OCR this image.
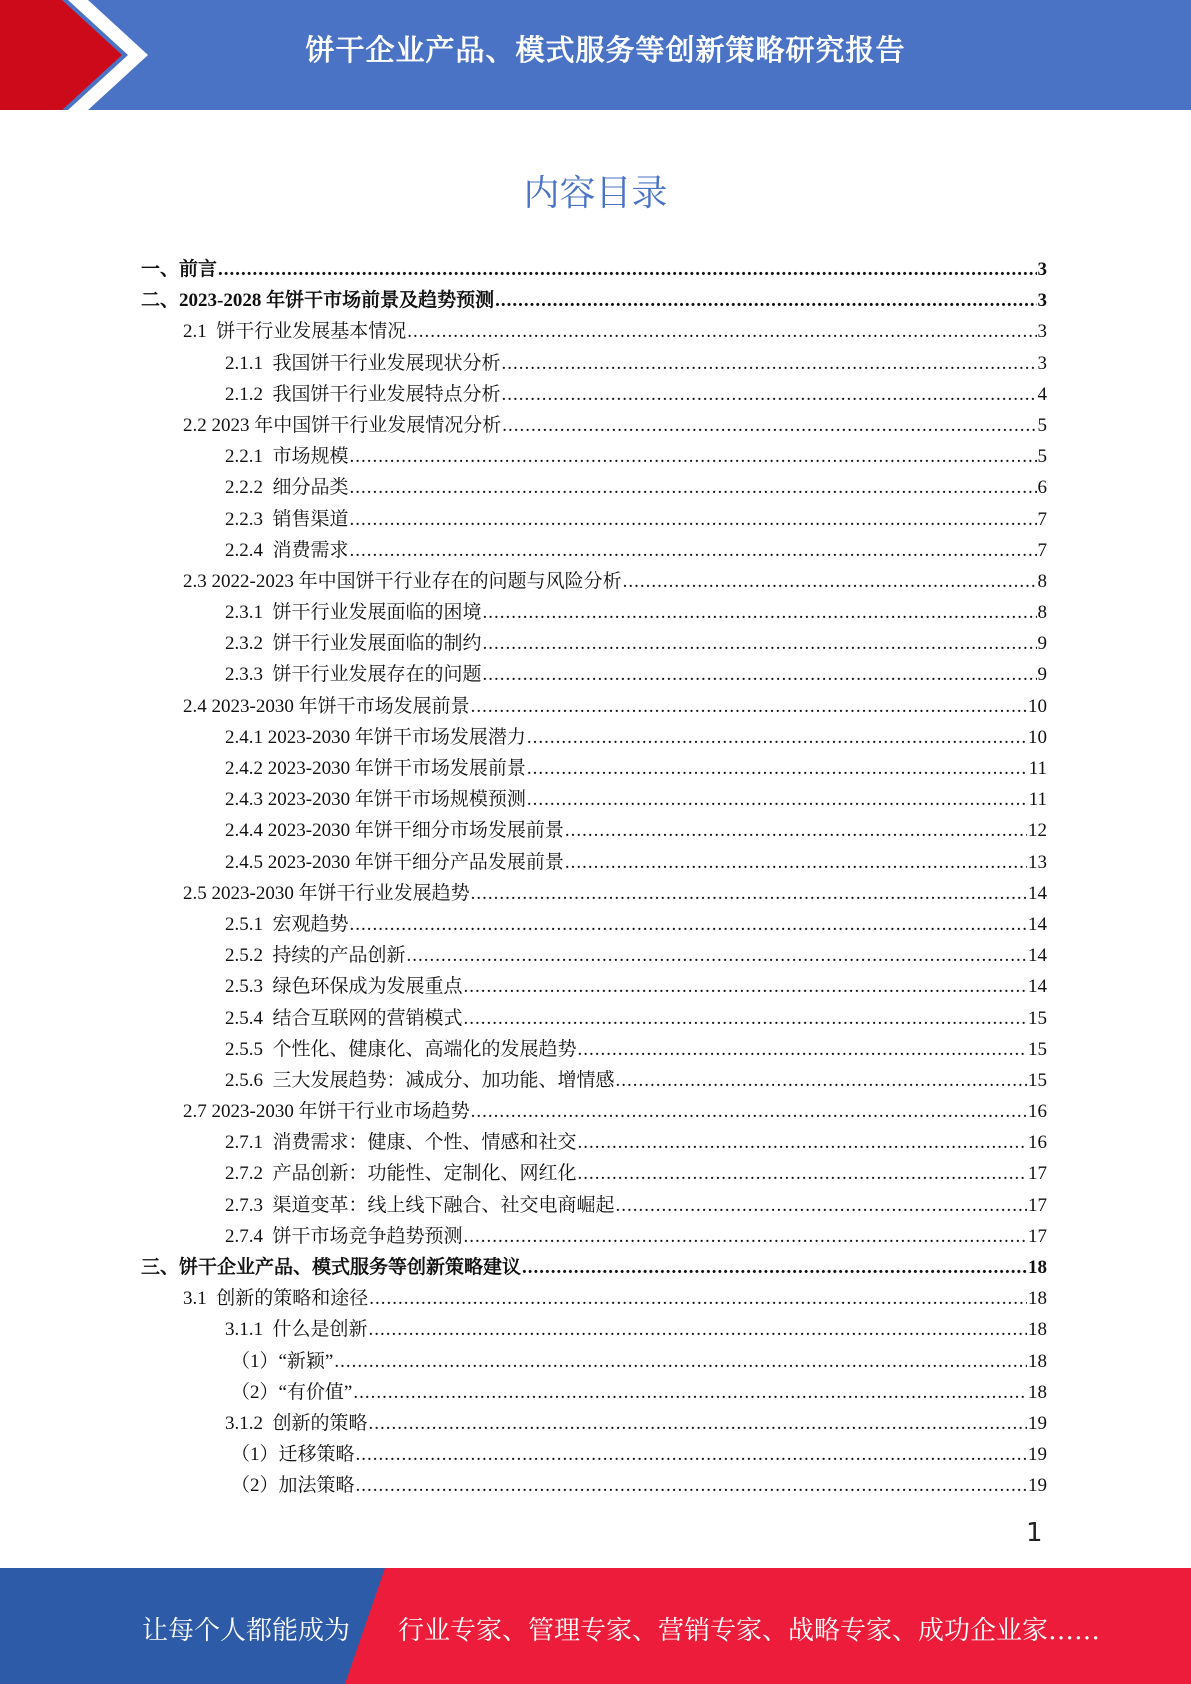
饼干企业产品、模式服务等创新策略研究报告
内容目录
一、前言 .....	3
二、2023-2028 年饼干市场前景及趋势预测 .....	3
2.1  饼干行业发展基本情况 .....	3
2.1.1  我国饼干行业发展现状分析 .....	3
2.1.2  我国饼干行业发展特点分析 .....	4
2.2 2023 年中国饼干行业发展情况分析 .....	5
2.2.1  市场规模 .....	5
2.2.2  细分品类 .....	6
2.2.3  销售渠道 .....	7
2.2.4  消费需求 .....	7
2.3 2022-2023 年中国饼干行业存在的问题与风险分析 .....	8
2.3.1  饼干行业发展面临的困境 .....	8
2.3.2  饼干行业发展面临的制约 .....	9
2.3.3  饼干行业发展存在的问题 .....	9
2.4 2023-2030 年饼干市场发展前景 .....	10
2.4.1 2023-2030 年饼干市场发展潜力 .....	10
2.4.2 2023-2030 年饼干市场发展前景 .....	11
2.4.3 2023-2030 年饼干市场规模预测 .....	11
2.4.4 2023-2030 年饼干细分市场发展前景 .....	12
2.4.5 2023-2030 年饼干细分产品发展前景 .....	13
2.5 2023-2030 年饼干行业发展趋势 .....	14
2.5.1  宏观趋势 .....	14
2.5.2  持续的产品创新 .....	14
2.5.3  绿色环保成为发展重点 .....	14
2.5.4  结合互联网的营销模式 .....	15
2.5.5  个性化、健康化、高端化的发展趋势 .....	15
2.5.6  三大发展趋势：减成分、加功能、增情感 .....	15
2.7 2023-2030 年饼干行业市场趋势 .....	16
2.7.1  消费需求：健康、个性、情感和社交 .....	16
2.7.2  产品创新：功能性、定制化、网红化 .....	17
2.7.3  渠道变革：线上线下融合、社交电商崛起 .....	17
2.7.4  饼干市场竞争趋势预测 .....	17
三、饼干企业产品、模式服务等创新策略建议 .....	18
3.1  创新的策略和途径 .....	18
3.1.1  什么是创新 .....	18
（1）“新颖” .....	18
（2）“有价值” .....	18
3.1.2  创新的策略 .....	19
（1）迁移策略 .....	19
（2）加法策略 .....	19
1
让每个人都能成为 行业专家、管理专家、营销专家、战略专家、成功企业家……
